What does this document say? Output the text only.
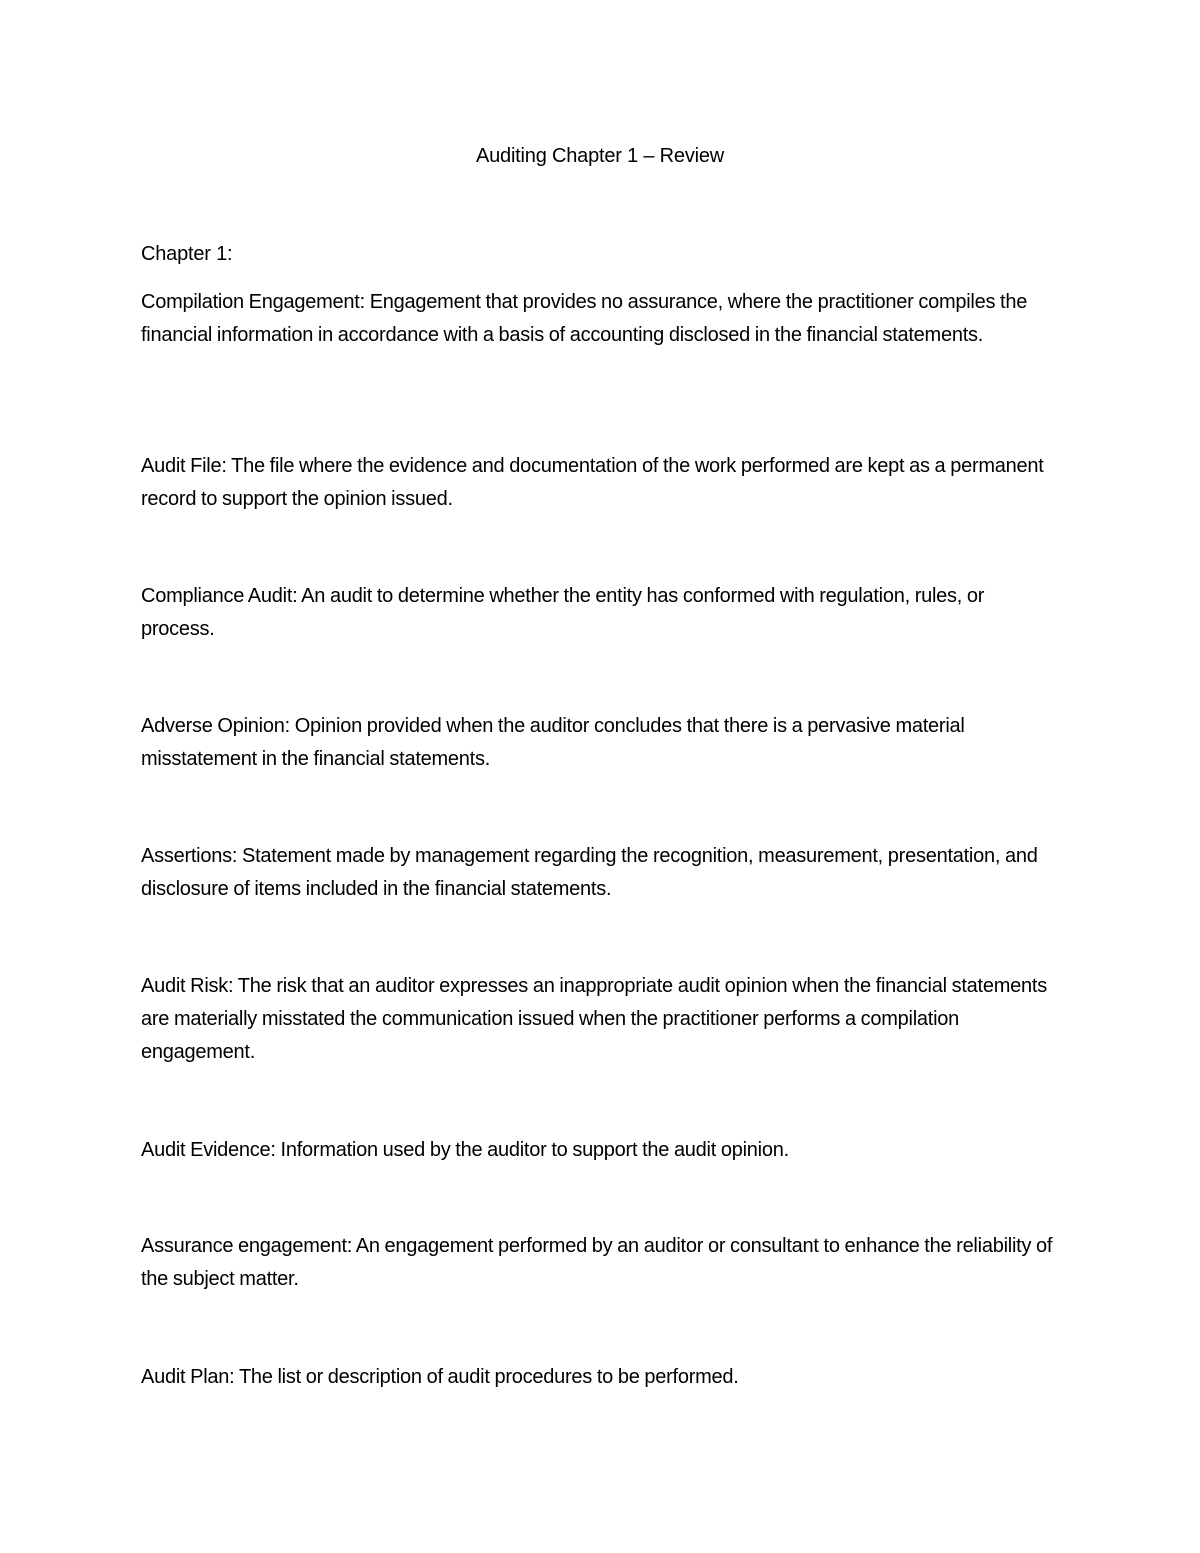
Auditing Chapter 1 – Review
Chapter 1:

Compilation Engagement: Engagement that provides no assurance, where the practitioner compiles the financial information in accordance with a basis of accounting disclosed in the financial statements.

Audit File: The file where the evidence and documentation of the work performed are kept as a permanent record to support the opinion issued.

Compliance Audit: An audit to determine whether the entity has conformed with regulation, rules, or process.

Adverse Opinion: Opinion provided when the auditor concludes that there is a pervasive material misstatement in the financial statements.

Assertions: Statement made by management regarding the recognition, measurement, presentation, and disclosure of items included in the financial statements.

Audit Risk: The risk that an auditor expresses an inappropriate audit opinion when the financial statements are materially misstated the communication issued when the practitioner performs a compilation engagement.

Audit Evidence: Information used by the auditor to support the audit opinion.

Assurance engagement: An engagement performed by an auditor or consultant to enhance the reliability of the subject matter.

Audit Plan: The list or description of audit procedures to be performed.
